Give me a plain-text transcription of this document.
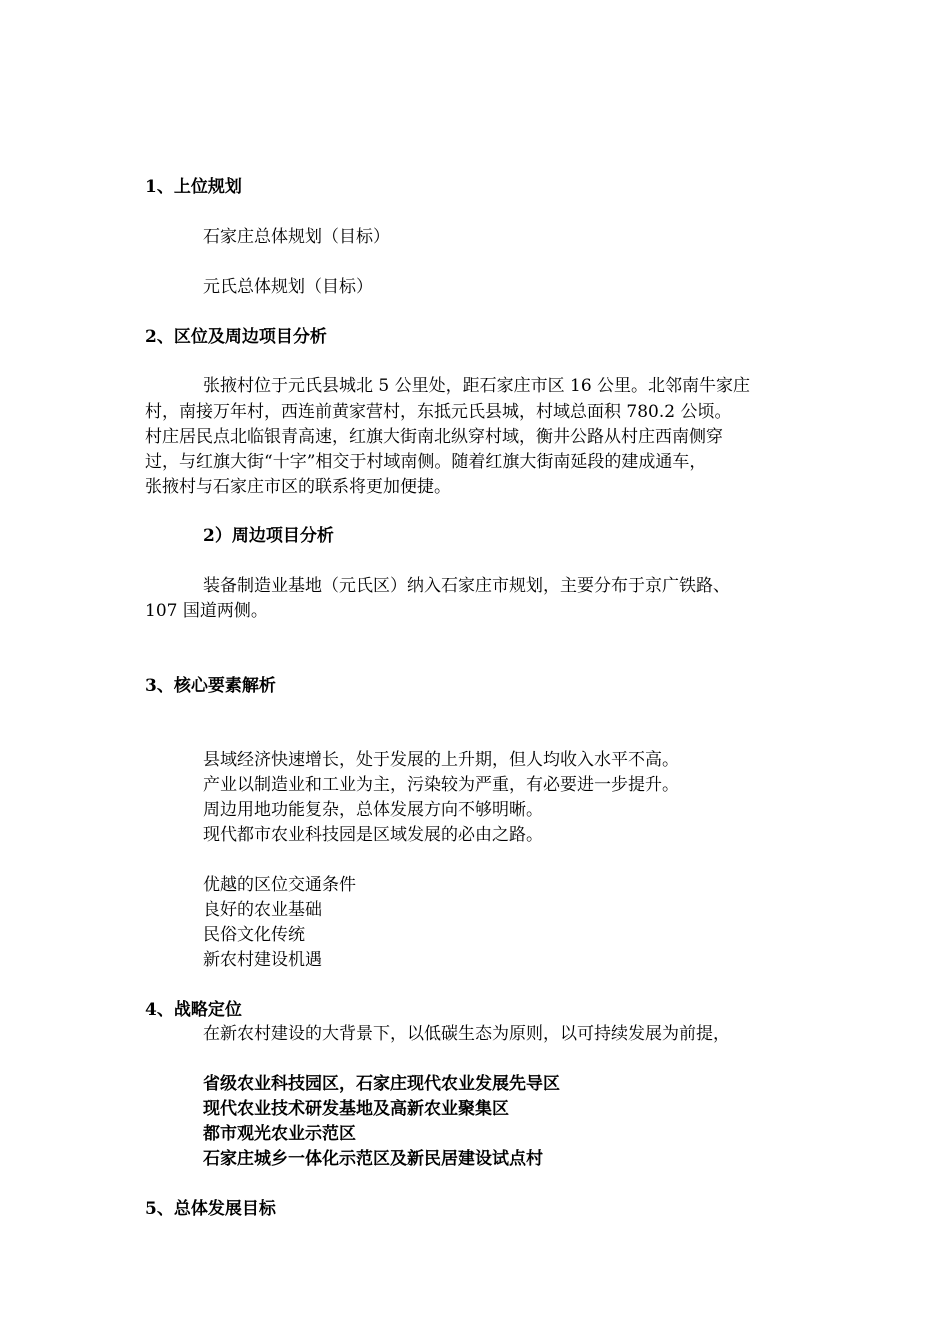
1、上位规划
石家庄总体规划（目标）
元氏总体规划（目标）
2、区位及周边项目分析
张掖村位于元氏县城北 5 公里处，距石家庄市区 16 公里。北邻南牛家庄
村，南接万年村，西连前黄家营村，东抵元氏县城，村域总面积 780.2 公顷。
村庄居民点北临银青高速，红旗大街南北纵穿村域，衡井公路从村庄西南侧穿
过，与红旗大街“十字”相交于村域南侧。随着红旗大街南延段的建成通车，
张掖村与石家庄市区的联系将更加便捷。
2）周边项目分析
装备制造业基地（元氏区）纳入石家庄市规划，主要分布于京广铁路、
107 国道两侧。
3、核心要素解析
县域经济快速增长，处于发展的上升期，但人均收入水平不高。
产业以制造业和工业为主，污染较为严重，有必要进一步提升。
周边用地功能复杂，总体发展方向不够明晰。
现代都市农业科技园是区域发展的必由之路。
优越的区位交通条件
良好的农业基础
民俗文化传统
新农村建设机遇
4、战略定位
在新农村建设的大背景下，以低碳生态为原则，以可持续发展为前提，
省级农业科技园区，石家庄现代农业发展先导区
现代农业技术研发基地及高新农业聚集区
都市观光农业示范区
石家庄城乡一体化示范区及新民居建设试点村
5、总体发展目标
